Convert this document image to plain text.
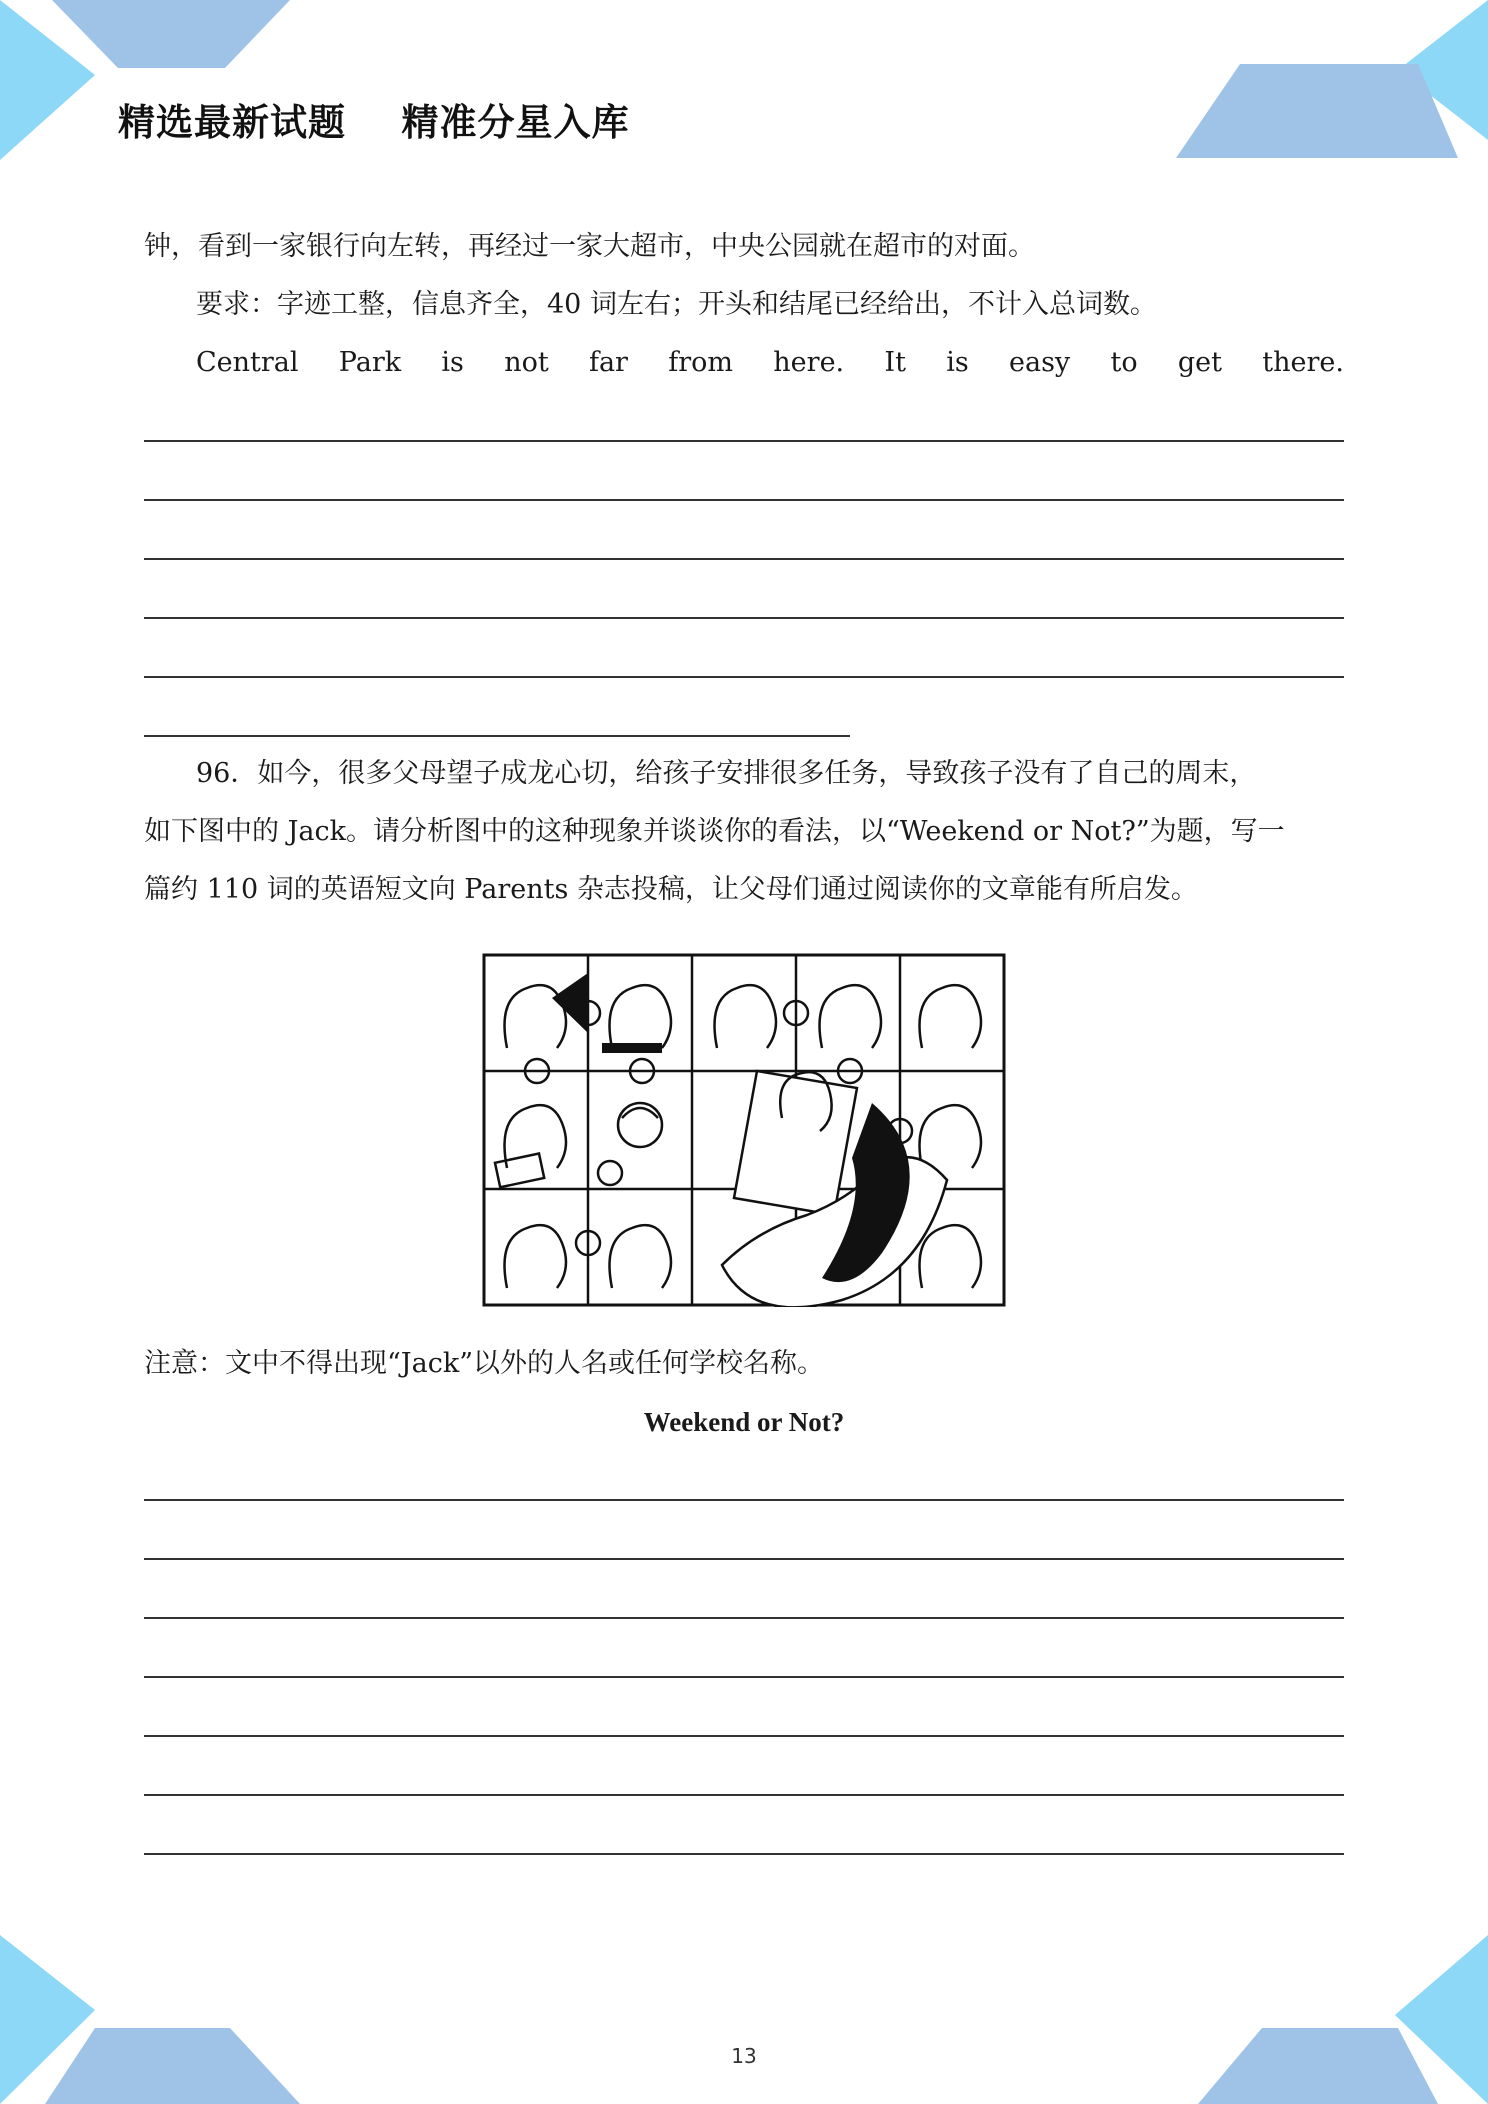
精选最新试题    精准分星入库

钟，看到一家银行向左转，再经过一家大超市，中央公园就在超市的对面。

要求：字迹工整，信息齐全，40 词左右；开头和结尾已经给出，不计入总词数。

Central Park is not far from here. It is easy to get there.

96．如今，很多父母望子成龙心切，给孩子安排很多任务，导致孩子没有了自己的周末，

如下图中的 Jack。请分析图中的这种现象并谈谈你的看法，以“Weekend or Not?”为题，写一

篇约 110 词的英语短文向 Parents 杂志投稿，让父母们通过阅读你的文章能有所启发。

注意：文中不得出现“Jack”以外的人名或任何学校名称。

Weekend or Not?
13
